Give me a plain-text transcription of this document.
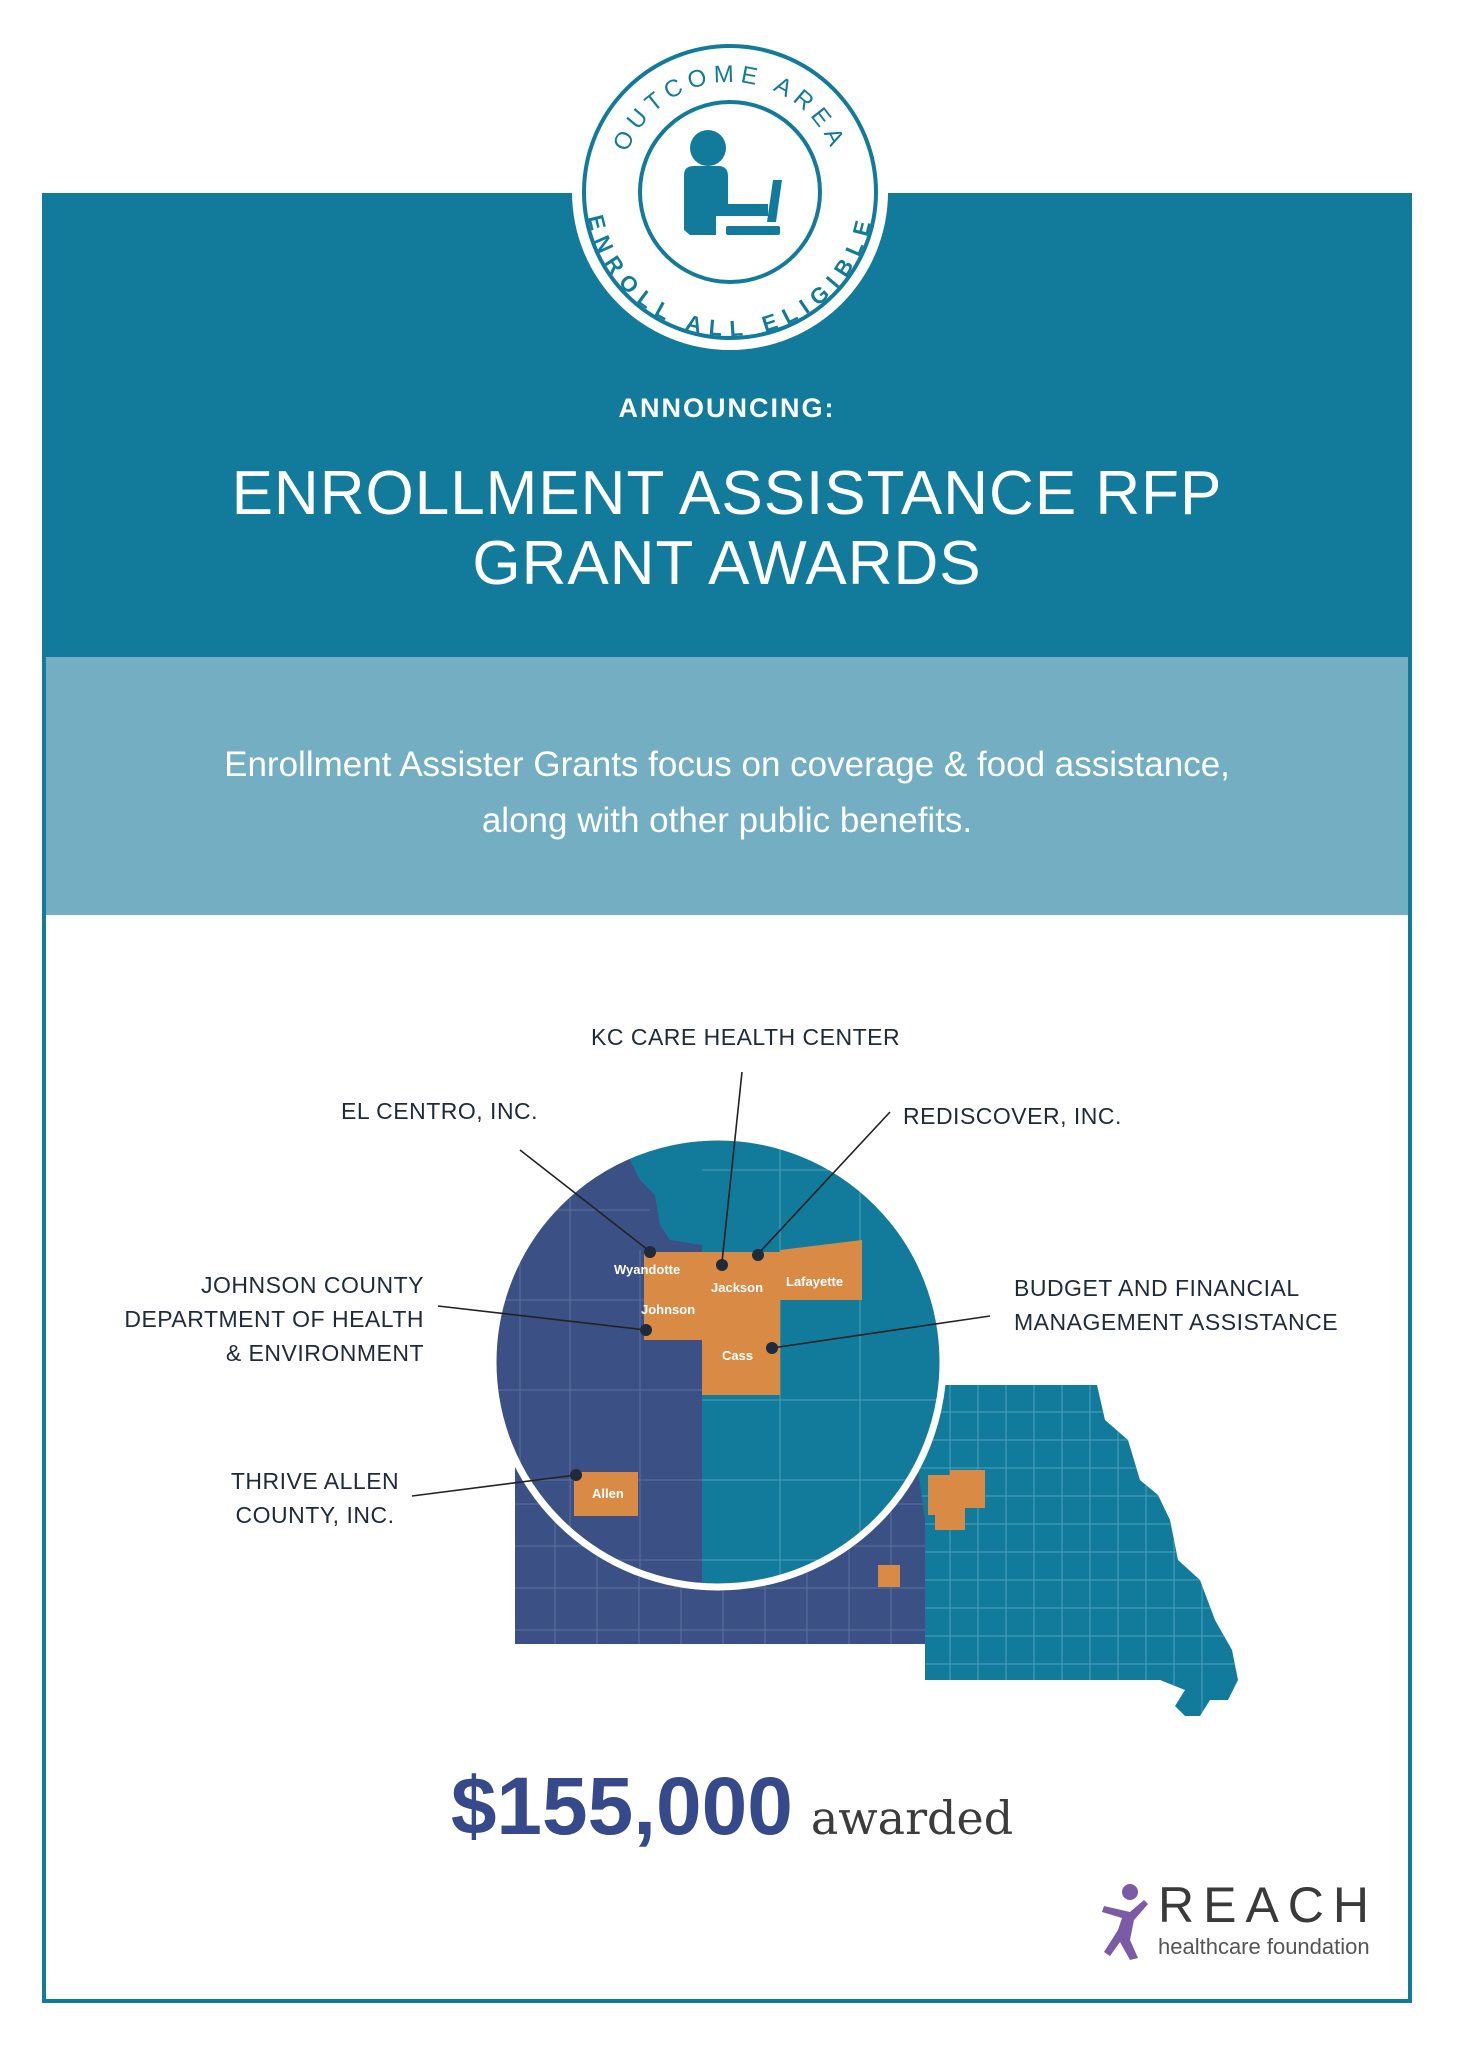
ANNOUNCING:
ENROLLMENT ASSISTANCE RFP
GRANT AWARDS
Enrollment Assister Grants focus on coverage & food assistance,
along with other public benefits.
OUTCOME AREA
ENROLL ALL ELIGIBLE
Wyandotte
Johnson
Jackson Lafayette
Cass
Allen
KC CARE HEALTH CENTER
EL CENTRO, INC.	REDISCOVER, INC.
JOHNSON COUNTY
DEPARTMENT OF HEALTH
& ENVIRONMENT
BUDGET AND FINANCIAL
MANAGEMENT ASSISTANCE
THRIVE ALLEN
COUNTY, INC.
$155,000 awarded
REACH
healthcare foundation
